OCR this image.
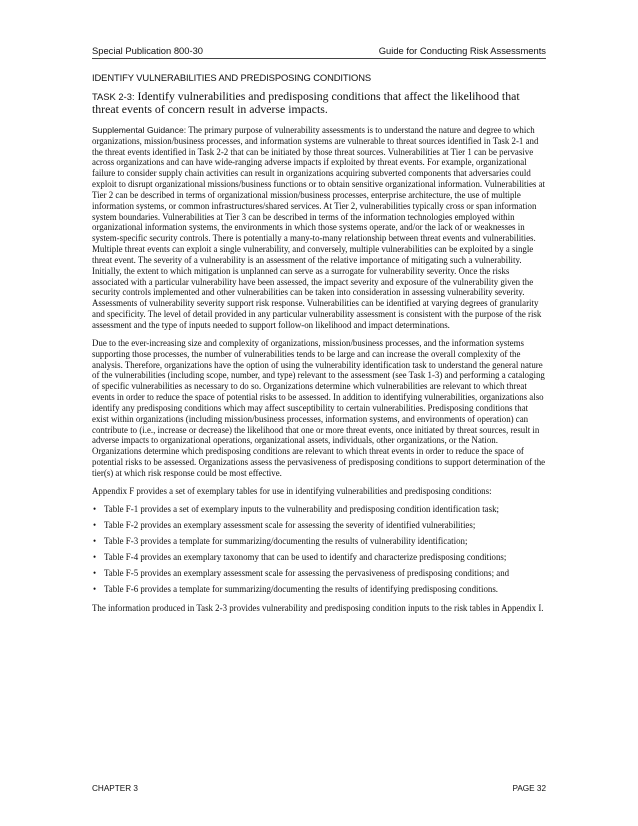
Special Publication 800-30	Guide for Conducting Risk Assessments
IDENTIFY VULNERABILITIES AND PREDISPOSING CONDITIONS
TASK 2-3: Identify vulnerabilities and predisposing conditions that affect the likelihood that threat events of concern result in adverse impacts.

Supplemental Guidance: The primary purpose of vulnerability assessments is to understand the nature and degree to which organizations, mission/business processes, and information systems are vulnerable to threat sources identified in Task 2-1 and the threat events identified in Task 2-2 that can be initiated by those threat sources. Vulnerabilities at Tier 1 can be pervasive across organizations and can have wide-ranging adverse impacts if exploited by threat events. For example, organizational failure to consider supply chain activities can result in organizations acquiring subverted components that adversaries could exploit to disrupt organizational missions/business functions or to obtain sensitive organizational information. Vulnerabilities at Tier 2 can be described in terms of organizational mission/business processes, enterprise architecture, the use of multiple information systems, or common infrastructures/shared services. At Tier 2, vulnerabilities typically cross or span information system boundaries. Vulnerabilities at Tier 3 can be described in terms of the information technologies employed within organizational information systems, the environments in which those systems operate, and/or the lack of or weaknesses in system-specific security controls. There is potentially a many-to-many relationship between threat events and vulnerabilities. Multiple threat events can exploit a single vulnerability, and conversely, multiple vulnerabilities can be exploited by a single threat event. The severity of a vulnerability is an assessment of the relative importance of mitigating such a vulnerability. Initially, the extent to which mitigation is unplanned can serve as a surrogate for vulnerability severity. Once the risks associated with a particular vulnerability have been assessed, the impact severity and exposure of the vulnerability given the security controls implemented and other vulnerabilities can be taken into consideration in assessing vulnerability severity. Assessments of vulnerability severity support risk response. Vulnerabilities can be identified at varying degrees of granularity and specificity. The level of detail provided in any particular vulnerability assessment is consistent with the purpose of the risk assessment and the type of inputs needed to support follow-on likelihood and impact determinations.

Due to the ever-increasing size and complexity of organizations, mission/business processes, and the information systems supporting those processes, the number of vulnerabilities tends to be large and can increase the overall complexity of the analysis. Therefore, organizations have the option of using the vulnerability identification task to understand the general nature of the vulnerabilities (including scope, number, and type) relevant to the assessment (see Task 1-3) and performing a cataloging of specific vulnerabilities as necessary to do so. Organizations determine which vulnerabilities are relevant to which threat events in order to reduce the space of potential risks to be assessed. In addition to identifying vulnerabilities, organizations also identify any predisposing conditions which may affect susceptibility to certain vulnerabilities. Predisposing conditions that exist within organizations (including mission/business processes, information systems, and environments of operation) can contribute to (i.e., increase or decrease) the likelihood that one or more threat events, once initiated by threat sources, result in adverse impacts to organizational operations, organizational assets, individuals, other organizations, or the Nation. Organizations determine which predisposing conditions are relevant to which threat events in order to reduce the space of potential risks to be assessed. Organizations assess the pervasiveness of predisposing conditions to support determination of the tier(s) at which risk response could be most effective.

Appendix F provides a set of exemplary tables for use in identifying vulnerabilities and predisposing conditions:

• Table F-1 provides a set of exemplary inputs to the vulnerability and predisposing condition identification task;
• Table F-2 provides an exemplary assessment scale for assessing the severity of identified vulnerabilities;
• Table F-3 provides a template for summarizing/documenting the results of vulnerability identification;
• Table F-4 provides an exemplary taxonomy that can be used to identify and characterize predisposing conditions;
• Table F-5 provides an exemplary assessment scale for assessing the pervasiveness of predisposing conditions; and
• Table F-6 provides a template for summarizing/documenting the results of identifying predisposing conditions.

The information produced in Task 2-3 provides vulnerability and predisposing condition inputs to the risk tables in Appendix I.

CHAPTER 3	PAGE 32
